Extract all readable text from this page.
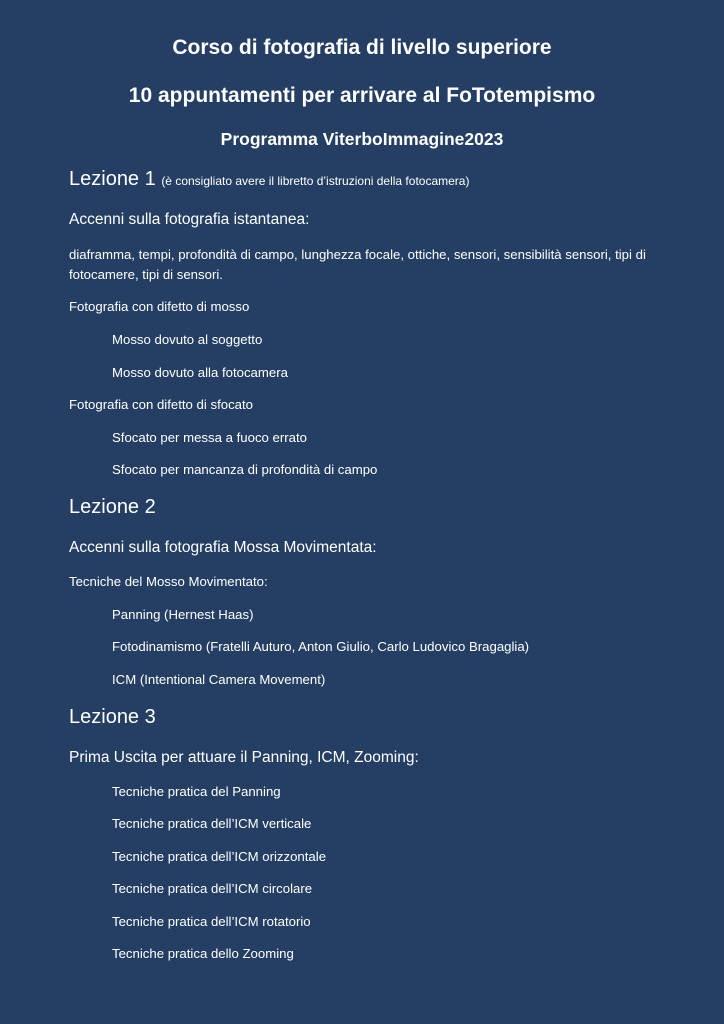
Corso di fotografia di livello superiore
10 appuntamenti per arrivare al FoTotempismo
Programma ViterboImmagine2023

Lezione 1 (è consigliato avere il libretto d’istruzioni della fotocamera)

Accenni sulla fotografia istantanea:

diaframma, tempi, profondità di campo, lunghezza focale, ottiche, sensori, sensibilità sensori, tipi di fotocamere, tipi di sensori.

Fotografia con difetto di mosso

Mosso dovuto al soggetto

Mosso dovuto alla fotocamera

Fotografia con difetto di sfocato

Sfocato per messa a fuoco errato

Sfocato per mancanza di profondità di campo

Lezione 2

Accenni sulla fotografia Mossa Movimentata:

Tecniche del Mosso Movimentato:

Panning (Hernest Haas)

Fotodinamismo (Fratelli Auturo, Anton Giulio, Carlo Ludovico Bragaglia)

ICM (Intentional Camera Movement)

Lezione 3

Prima Uscita per attuare il Panning, ICM, Zooming:

Tecniche pratica del Panning

Tecniche pratica dell’ICM verticale

Tecniche pratica dell’ICM orizzontale

Tecniche pratica dell’ICM circolare

Tecniche pratica dell’ICM rotatorio

Tecniche pratica dello Zooming
